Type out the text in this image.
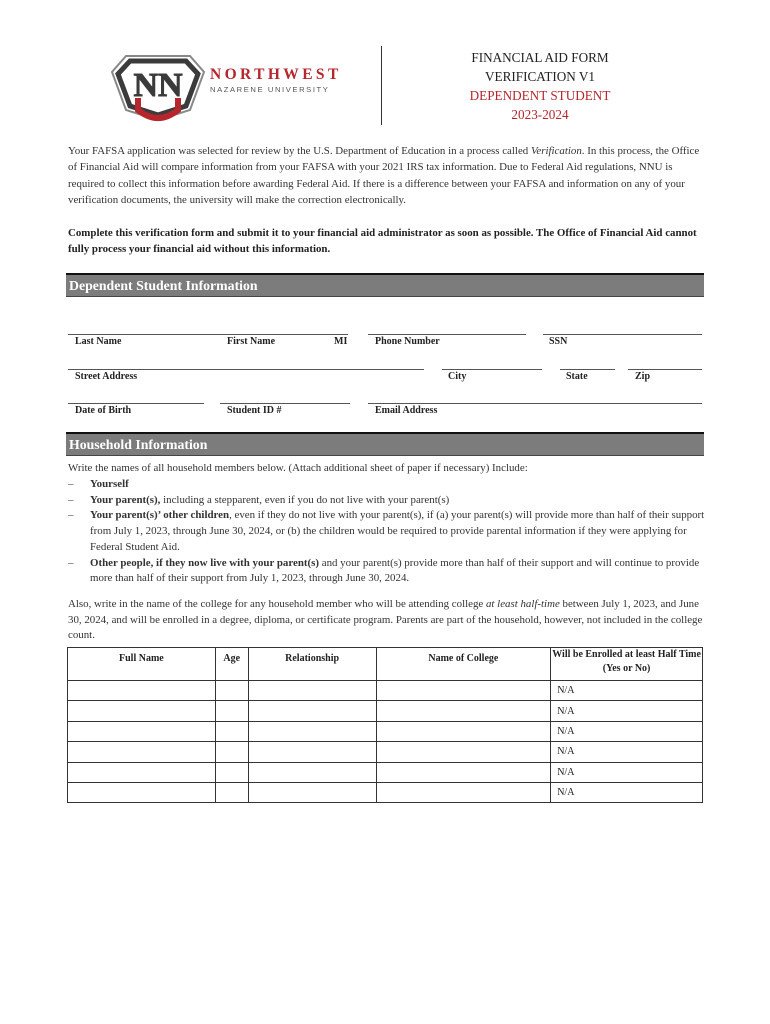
NN NORTHWEST
NAZARENE UNIVERSITY
FINANCIAL AID FORM
VERIFICATION V1
DEPENDENT STUDENT
2023-2024
Your FAFSA application was selected for review by the U.S. Department of Education in a process called Verification. In this process, the Office of Financial Aid will compare information from your FAFSA with your 2021 IRS tax information. Due to Federal Aid regulations, NNU is required to collect this information before awarding Federal Aid. If there is a difference between your FAFSA and information on any of your verification documents, the university will make the correction electronically.
Complete this verification form and submit it to your financial aid administrator as soon as possible. The Office of Financial Aid cannot fully process your financial aid without this information.
Dependent Student Information
Last Name	First Name	MI	Phone Number	SSN
Street Address	City	State	Zip
Date of Birth	Student ID #	Email Address
Household Information
Write the names of all household members below. (Attach additional sheet of paper if necessary) Include:
– Yourself
– Your parent(s), including a stepparent, even if you do not live with your parent(s)
– Your parent(s)’ other children, even if they do not live with your parent(s), if (a) your parent(s) will provide more than half of their support from July 1, 2023, through June 30, 2024, or (b) the children would be required to provide parental information if they were applying for Federal Student Aid.
– Other people, if they now live with your parent(s) and your parent(s) provide more than half of their support and will continue to provide more than half of their support from July 1, 2023, through June 30, 2024.
Also, write in the name of the college for any household member who will be attending college at least half-time between July 1, 2023, and June 30, 2024, and will be enrolled in a degree, diploma, or certificate program. Parents are part of the household, however, not included in the college count.
Full Name	Age	Relationship	Name of College	Will be Enrolled at least Half Time (Yes or No)
				N/A
				N/A
				N/A
				N/A
				N/A
				N/A
